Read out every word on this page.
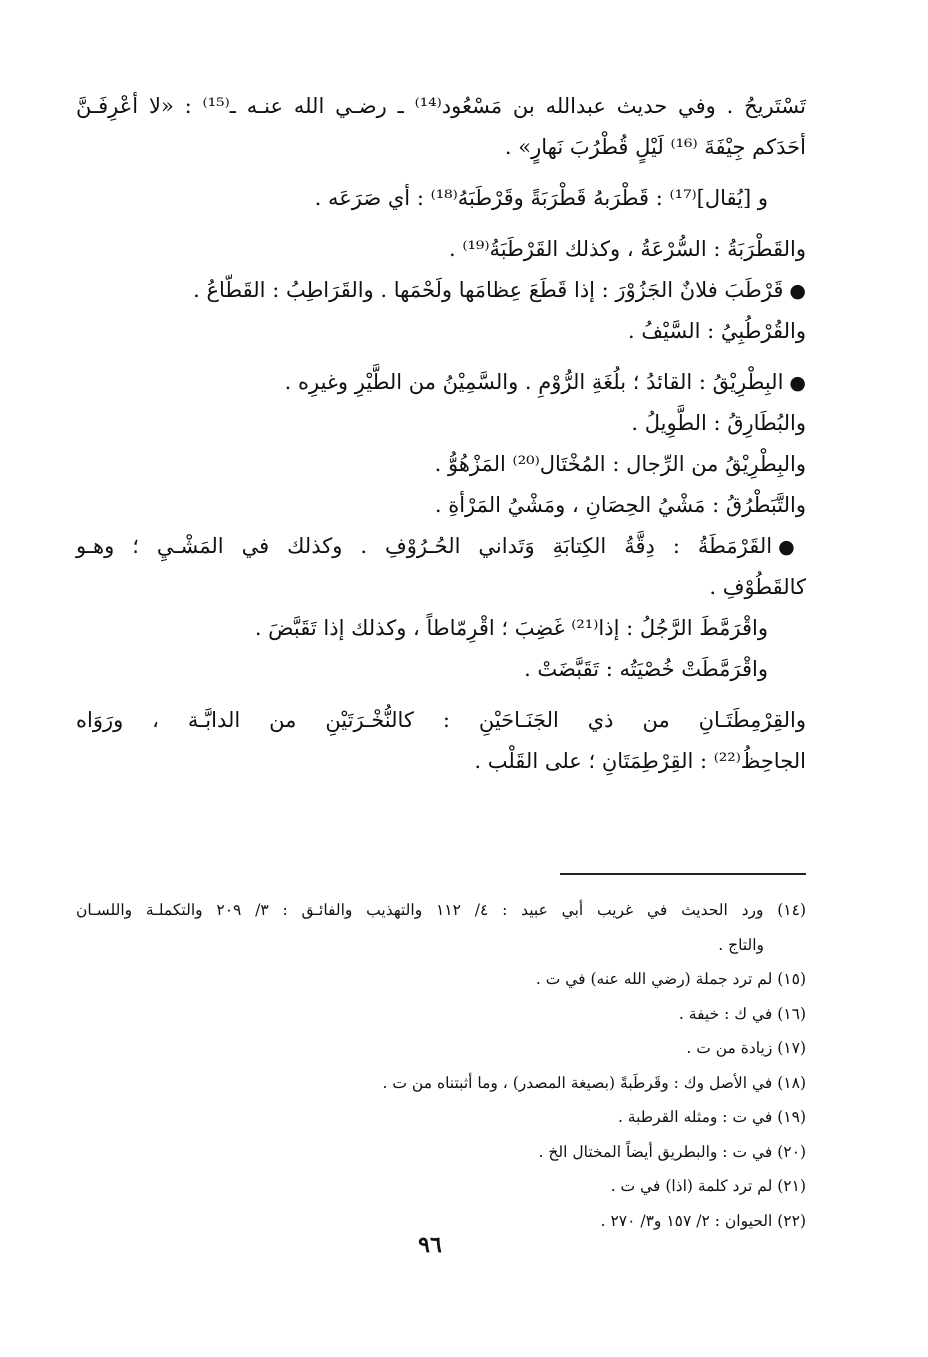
تَسْتَريحُ . وفي حديث عبدالله بن مَسْعُود⁽¹⁴⁾ ـ رضـي الله عنـه ـ⁽¹⁵⁾ : «لا أعْرِفَـنَّ
أحَدَكم جِيْفَةَ ⁽¹⁶⁾ لَيْلٍ قُطْرُبَ نَهارٍ» .
و [يُقال]⁽¹⁷⁾ : قَطْرَبهُ قَطْرَبَةً وقَرْطَبَهُ⁽¹⁸⁾ : أي صَرَعَه .
والقَطْرَبَةُ : السُّرْعَةُ ، وكذلك القَرْطَبَةُ⁽¹⁹⁾ .
●قَرْطَبَ فلانٌ الجَزُوْرَ : إذا قَطَعَ عِظامَها ولَحْمَها . والقَرَاطِبُ : القَطّاعُ .
والقُرْطُبِيُ : السَّيْفُ .
●البِطْرِيْقُ : القائدُ ؛ بلُغَةِ الرُّوْمِ . والسَّمِيْنُ من الطَّيْرِ وغيرِه .
والبُطَارِقُ : الطَّوِيلُ .
والبِطْرِيْقُ من الرِّجال : المُخْتَال⁽²⁰⁾ المَزْهُوُّ .
والتَّبَطْرُقُ : مَشْيُ الحِصَانِ ، ومَشْيُ المَرْأةِ .
●القَرْمَطَةُ : دِقَّةُ الكِتابَةِ وَتَداني الحُـرُوْفِ . وكذلك في المَشْـيِ ؛ وهـو
كالقَطُوْفِ .
واقْرَمَّطَ الرَّجُلُ : إذا⁽²¹⁾ غَضِبَ ؛ اقْرِمّاطاً ، وكذلك إذا تَقَبَّضَ .
واقْرَمَّطَتْ خُصْيَتُه : تَقَبَّضَتْ .
والقِرْمِطَتَـانِ من ذي الجَنَـاحَيْنِ : كالنُّخْـرَتَيْنِ من الدابَّـة ، ورَوَاه
الجاحِظُ⁽²²⁾ : القِرْطِمَتَانِ ؛ على القَلْب .
(١٤) ورد الحديث في غريب أبي عبيد : ٤/ ١١٢ والتهذيب والفائـق : ٣/ ٢٠٩ والتكملـة واللسـان
والتاج .
(١٥) لم ترد جملة (رضي الله عنه) في ت .
(١٦) في ك : خيفة .
(١٧) زيادة من ت .
(١٨) في الأصل وك : وقَرطَبةً (بصيغة المصدر) ، وما أثبتناه من ت .
(١٩) في ت : ومثله القرطبة .
(٢٠) في ت : والبطريق أيضاً المختال الخ .
(٢١) لم ترد كلمة (اذا) في ت .
(٢٢) الحيوان : ٢/ ١٥٧ و٣/ ٢٧٠ .
٩٦
